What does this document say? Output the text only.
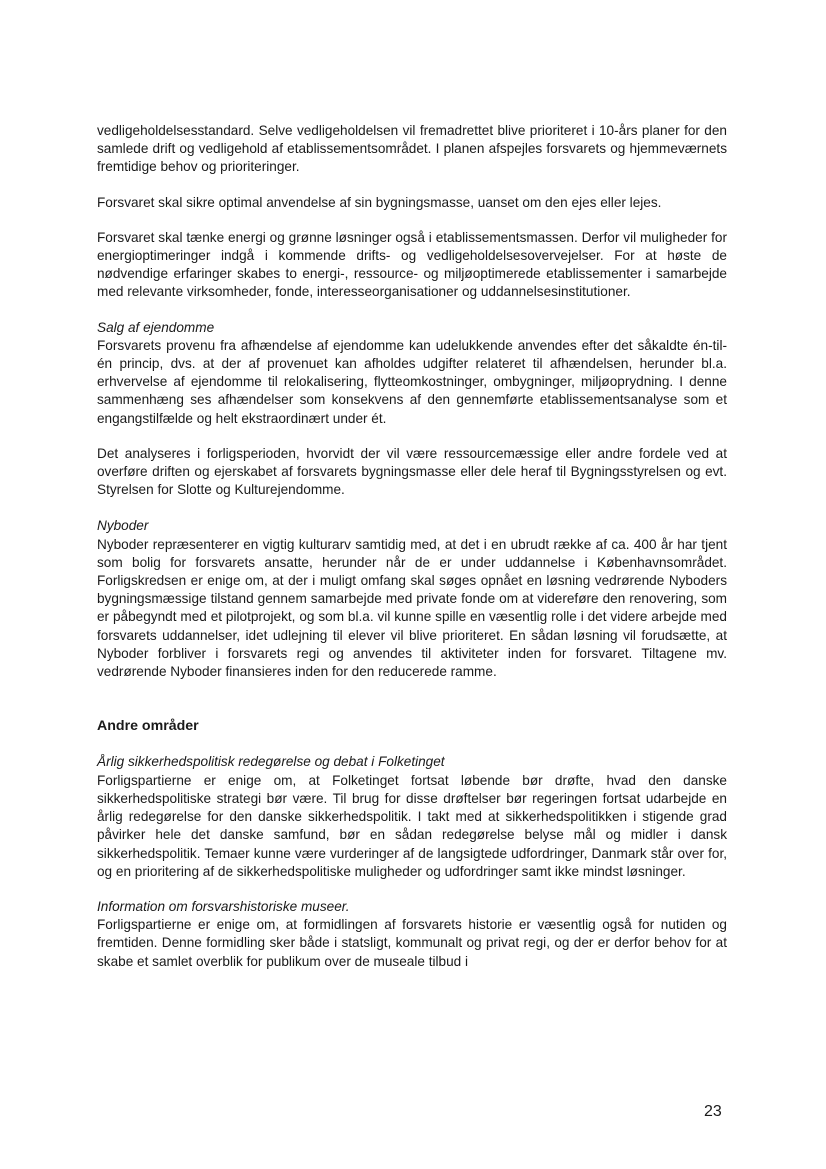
vedligeholdelsesstandard. Selve vedligeholdelsen vil fremadrettet blive prioriteret i 10-års planer for den samlede drift og vedligehold af etablissementsområdet. I planen afspejles forsvarets og hjemmeværnets fremtidige behov og prioriteringer.

Forsvaret skal sikre optimal anvendelse af sin bygningsmasse, uanset om den ejes eller lejes.

Forsvaret skal tænke energi og grønne løsninger også i etablissementsmassen. Derfor vil muligheder for energioptimeringer indgå i kommende drifts- og vedligeholdelsesovervejelser. For at høste de nødvendige erfaringer skabes to energi-, ressource- og miljøoptimerede etablissementer i samarbejde med relevante virksomheder, fonde, interesseorganisationer og uddannelsesinstitutioner.

Salg af ejendomme

Forsvarets provenu fra afhændelse af ejendomme kan udelukkende anvendes efter det såkaldte én-til-én princip, dvs. at der af provenuet kan afholdes udgifter relateret til afhændelsen, herunder bl.a. erhvervelse af ejendomme til relokalisering, flytteomkostninger, ombygninger, miljøoprydning. I denne sammenhæng ses afhændelser som konsekvens af den gennemførte etablissementsanalyse som et engangstilfælde og helt ekstraordinært under ét.

Det analyseres i forligsperioden, hvorvidt der vil være ressourcemæssige eller andre fordele ved at overføre driften og ejerskabet af forsvarets bygningsmasse eller dele heraf til Bygningsstyrelsen og evt. Styrelsen for Slotte og Kulturejendomme.

Nyboder

Nyboder repræsenterer en vigtig kulturarv samtidig med, at det i en ubrudt række af ca. 400 år har tjent som bolig for forsvarets ansatte, herunder når de er under uddannelse i Københavnsområdet. Forligskredsen er enige om, at der i muligt omfang skal søges opnået en løsning vedrørende Nyboders bygningsmæssige tilstand gennem samarbejde med private fonde om at videreføre den renovering, som er påbegyndt med et pilotprojekt, og som bl.a. vil kunne spille en væsentlig rolle i det videre arbejde med forsvarets uddannelser, idet udlejning til elever vil blive prioriteret. En sådan løsning vil forudsætte, at Nyboder forbliver i forsvarets regi og anvendes til aktiviteter inden for forsvaret. Tiltagene mv. vedrørende Nyboder finansieres inden for den reducerede ramme.

Andre områder

Årlig sikkerhedspolitisk redegørelse og debat i Folketinget

Forligspartierne er enige om, at Folketinget fortsat løbende bør drøfte, hvad den danske sikkerhedspolitiske strategi bør være. Til brug for disse drøftelser bør regeringen fortsat udarbejde en årlig redegørelse for den danske sikkerhedspolitik. I takt med at sikkerhedspolitikken i stigende grad påvirker hele det danske samfund, bør en sådan redegørelse belyse mål og midler i dansk sikkerhedspolitik. Temaer kunne være vurderinger af de langsigtede udfordringer, Danmark står over for, og en prioritering af de sikkerhedspolitiske muligheder og udfordringer samt ikke mindst løsninger.

Information om forsvarshistoriske museer.

Forligspartierne er enige om, at formidlingen af forsvarets historie er væsentlig også for nutiden og fremtiden. Denne formidling sker både i statsligt, kommunalt og privat regi, og der er derfor behov for at skabe et samlet overblik for publikum over de museale tilbud i

23
